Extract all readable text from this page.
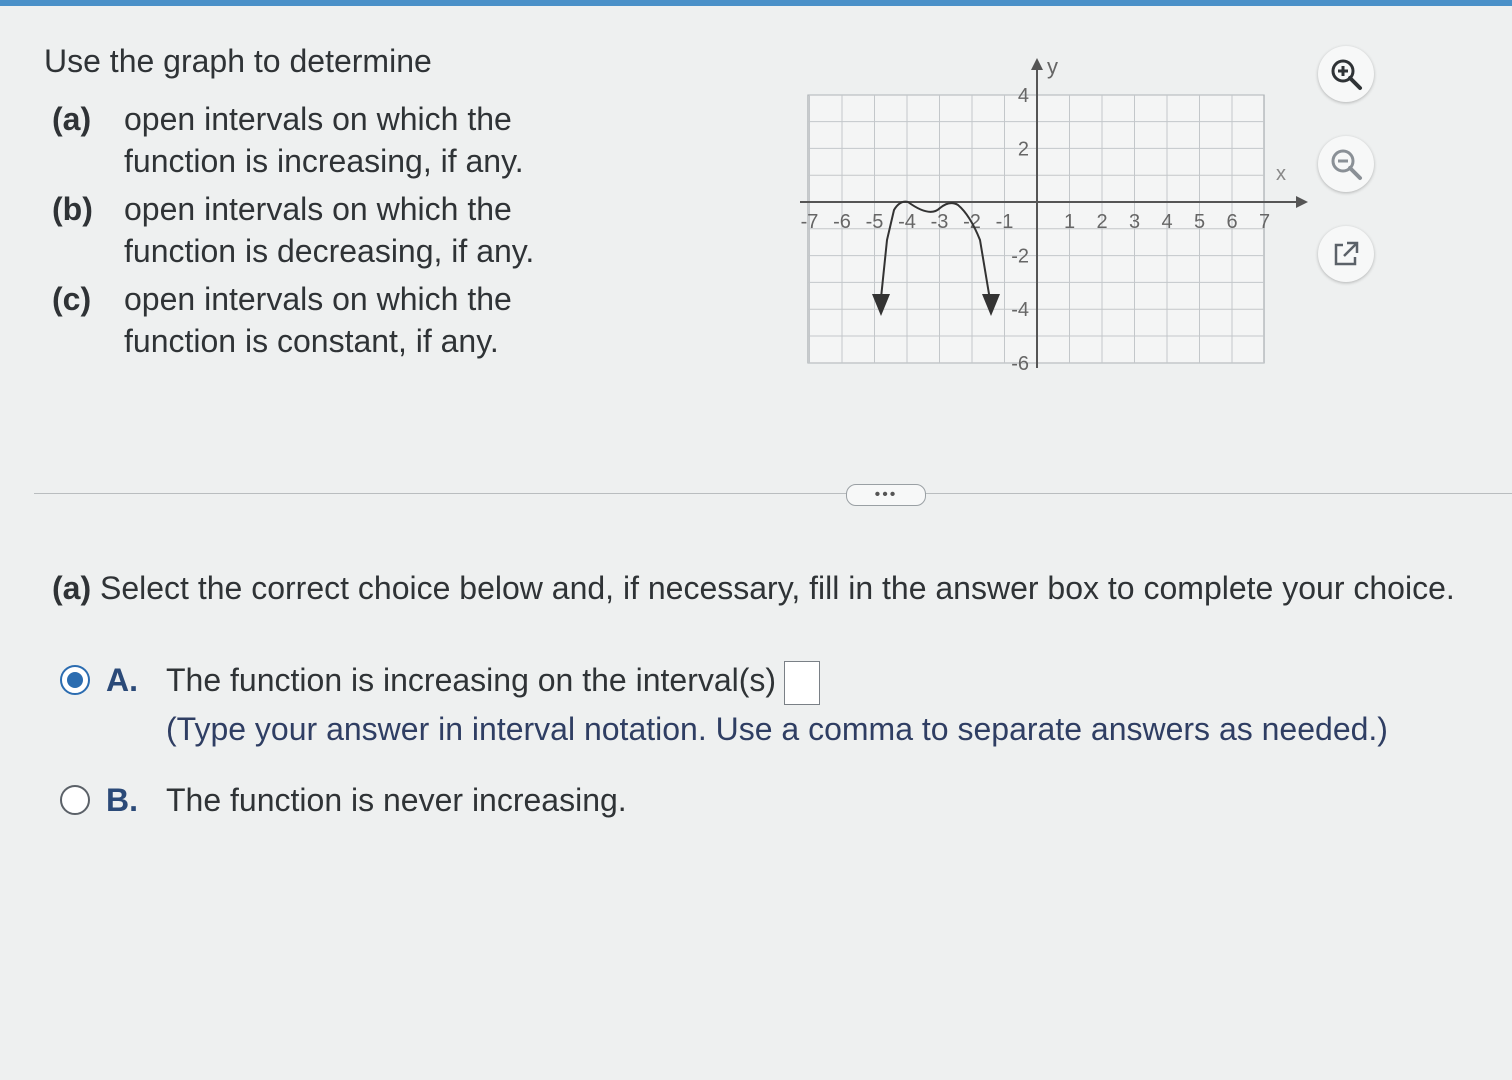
Use the graph to determine
(a)	open intervals on which the function is increasing, if any.
(b) open intervals on which the function is decreasing, if any.
(c)	open intervals on which the function is constant, if any.
y
x
-7 -6 -5 -4 -3 -2 -1	1 2 3 4 5 6 7
4
2
-2
-4
-6
•••
(a) Select the correct choice below and, if necessary, fill in the answer box to complete your choice.
A. The function is increasing on the interval(s)
(Type your answer in interval notation. Use a comma to separate answers as needed.)
B. The function is never increasing.
